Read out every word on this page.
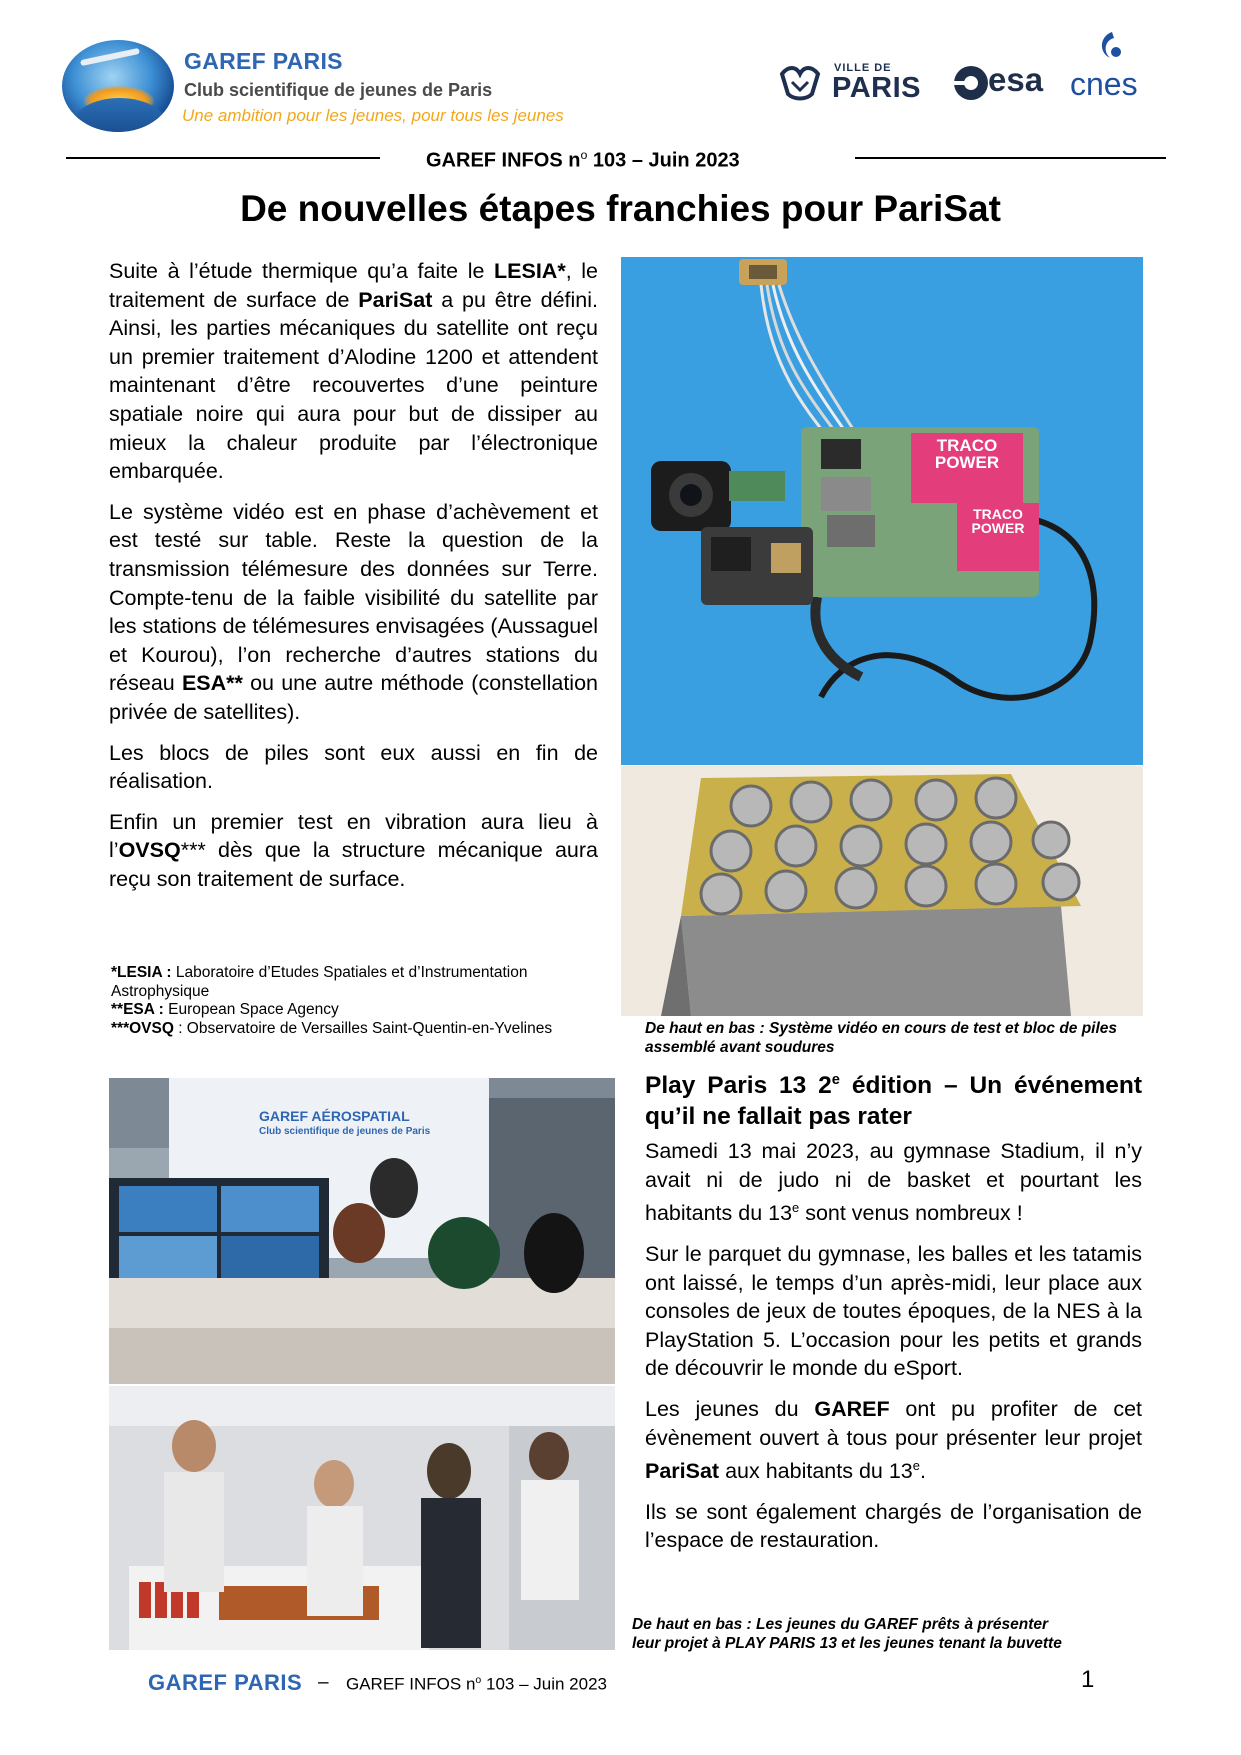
GAREF PARIS
Club scientifique de jeunes de Paris
Une ambition pour les jeunes, pour tous les jeunes
VILLE DE
PARIS esa cnes
GAREF INFOS $n^o$ 103 – Juin 2023
De nouvelles étapes franchies pour PariSat

Suite à l’étude thermique qu’a faite le LESIA*, le traitement de surface de PariSat a pu être défini. Ainsi, les parties mécaniques du satellite ont reçu un premier traitement d’Alodine 1200 et attendent maintenant d’être recouvertes d’une peinture spatiale noire qui aura pour but de dissiper au mieux la chaleur produite par l’électronique embarquée.

Le système vidéo est en phase d’achèvement et est testé sur table. Reste la question de la transmission télémesure des données sur Terre. Compte-tenu de la faible visibilité du satellite par les stations de télémesures envisagées (Aussaguel et Kourou), l’on recherche d’autres stations du réseau ESA** ou une autre méthode (constellation privée de satellites).

Les blocs de piles sont eux aussi en fin de réalisation.

Enfin un premier test en vibration aura lieu à l’OVSQ*** dès que la structure mécanique aura reçu son traitement de surface.

*LESIA : Laboratoire d’Etudes Spatiales et d’Instrumentation Astrophysique

**ESA : European Space Agency

***OVSQ : Observatoire de Versailles Saint-Quentin-en-Yvelines

TRACO
POWER
TRACO
POWER
De haut en bas : Système vidéo en cours de test et bloc de piles assemblé avant soudures
GAREF AÉROSPATIAL
Club scientifique de jeunes de Paris
Play Paris 13 2e édition – Un événement qu’il ne fallait pas rater

Samedi 13 mai 2023, au gymnase Stadium, il n’y avait ni de judo ni de basket et pourtant les habitants du 13e sont venus nombreux !

Sur le parquet du gymnase, les balles et les tatamis ont laissé, le temps d’un après-midi, leur place aux consoles de jeux de toutes époques, de la NES à la PlayStation 5. L’occasion pour les petits et grands de découvrir le monde du eSport.

Les jeunes du GAREF ont pu profiter de cet évènement ouvert à tous pour présenter leur projet PariSat aux habitants du 13e.

Ils se sont également chargés de l’organisation de l’espace de restauration.

De haut en bas : Les jeunes du GAREF prêts à présenter
leur projet à PLAY PARIS 13 et les jeunes tenant la buvette
GAREF PARIS – GAREF INFOS $n^o$ 103 – Juin 2023	1
